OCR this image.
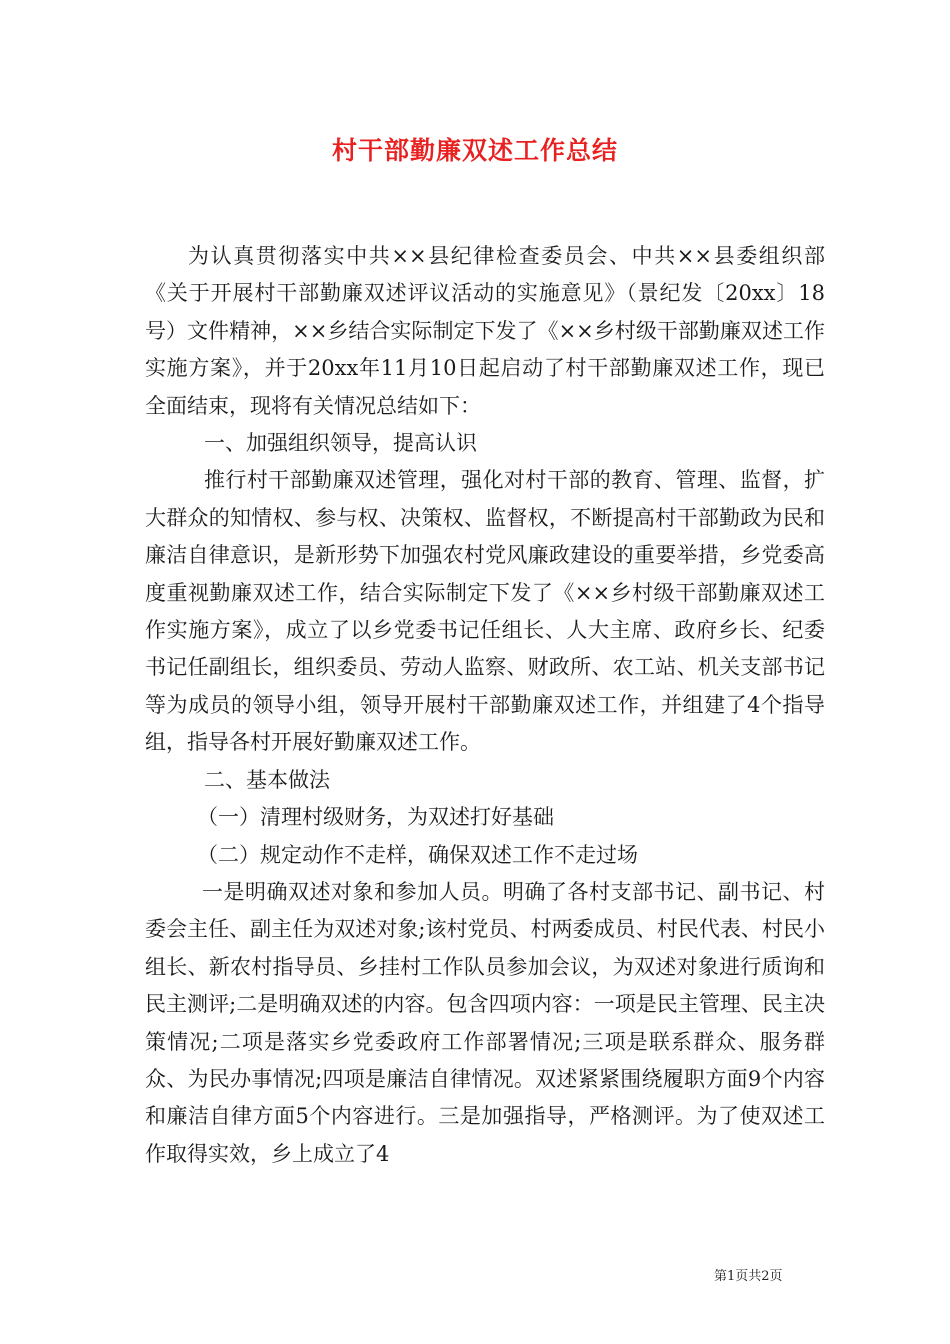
村干部勤廉双述工作总结

为认真贯彻落实中共××县纪律检查委员会、中共××县委组织部《关于开展村干部勤廉双述评议活动的实施意见》（景纪发〔20xx〕18号）文件精神，××乡结合实际制定下发了《××乡村级干部勤廉双述工作实施方案》，并于20xx年11月10日起启动了村干部勤廉双述工作，现已全面结束，现将有关情况总结如下：

一、加强组织领导，提高认识

推行村干部勤廉双述管理，强化对村干部的教育、管理、监督，扩大群众的知情权、参与权、决策权、监督权，不断提高村干部勤政为民和廉洁自律意识，是新形势下加强农村党风廉政建设的重要举措，乡党委高度重视勤廉双述工作，结合实际制定下发了《××乡村级干部勤廉双述工作实施方案》，成立了以乡党委书记任组长、人大主席、政府乡长、纪委书记任副组长，组织委员、劳动人监察、财政所、农工站、机关支部书记等为成员的领导小组，领导开展村干部勤廉双述工作，并组建了4个指导组，指导各村开展好勤廉双述工作。

二、基本做法

（一）清理村级财务，为双述打好基础

（二）规定动作不走样，确保双述工作不走过场

一是明确双述对象和参加人员。明确了各村支部书记、副书记、村委会主任、副主任为双述对象;该村党员、村两委成员、村民代表、村民小组长、新农村指导员、乡挂村工作队员参加会议，为双述对象进行质询和民主测评;二是明确双述的内容。包含四项内容：一项是民主管理、民主决策情况;二项是落实乡党委政府工作部署情况;三项是联系群众、服务群众、为民办事情况;四项是廉洁自律情况。双述紧紧围绕履职方面9个内容和廉洁自律方面5个内容进行。三是加强指导，严格测评。为了使双述工作取得实效，乡上成立了4

第1页共2页
